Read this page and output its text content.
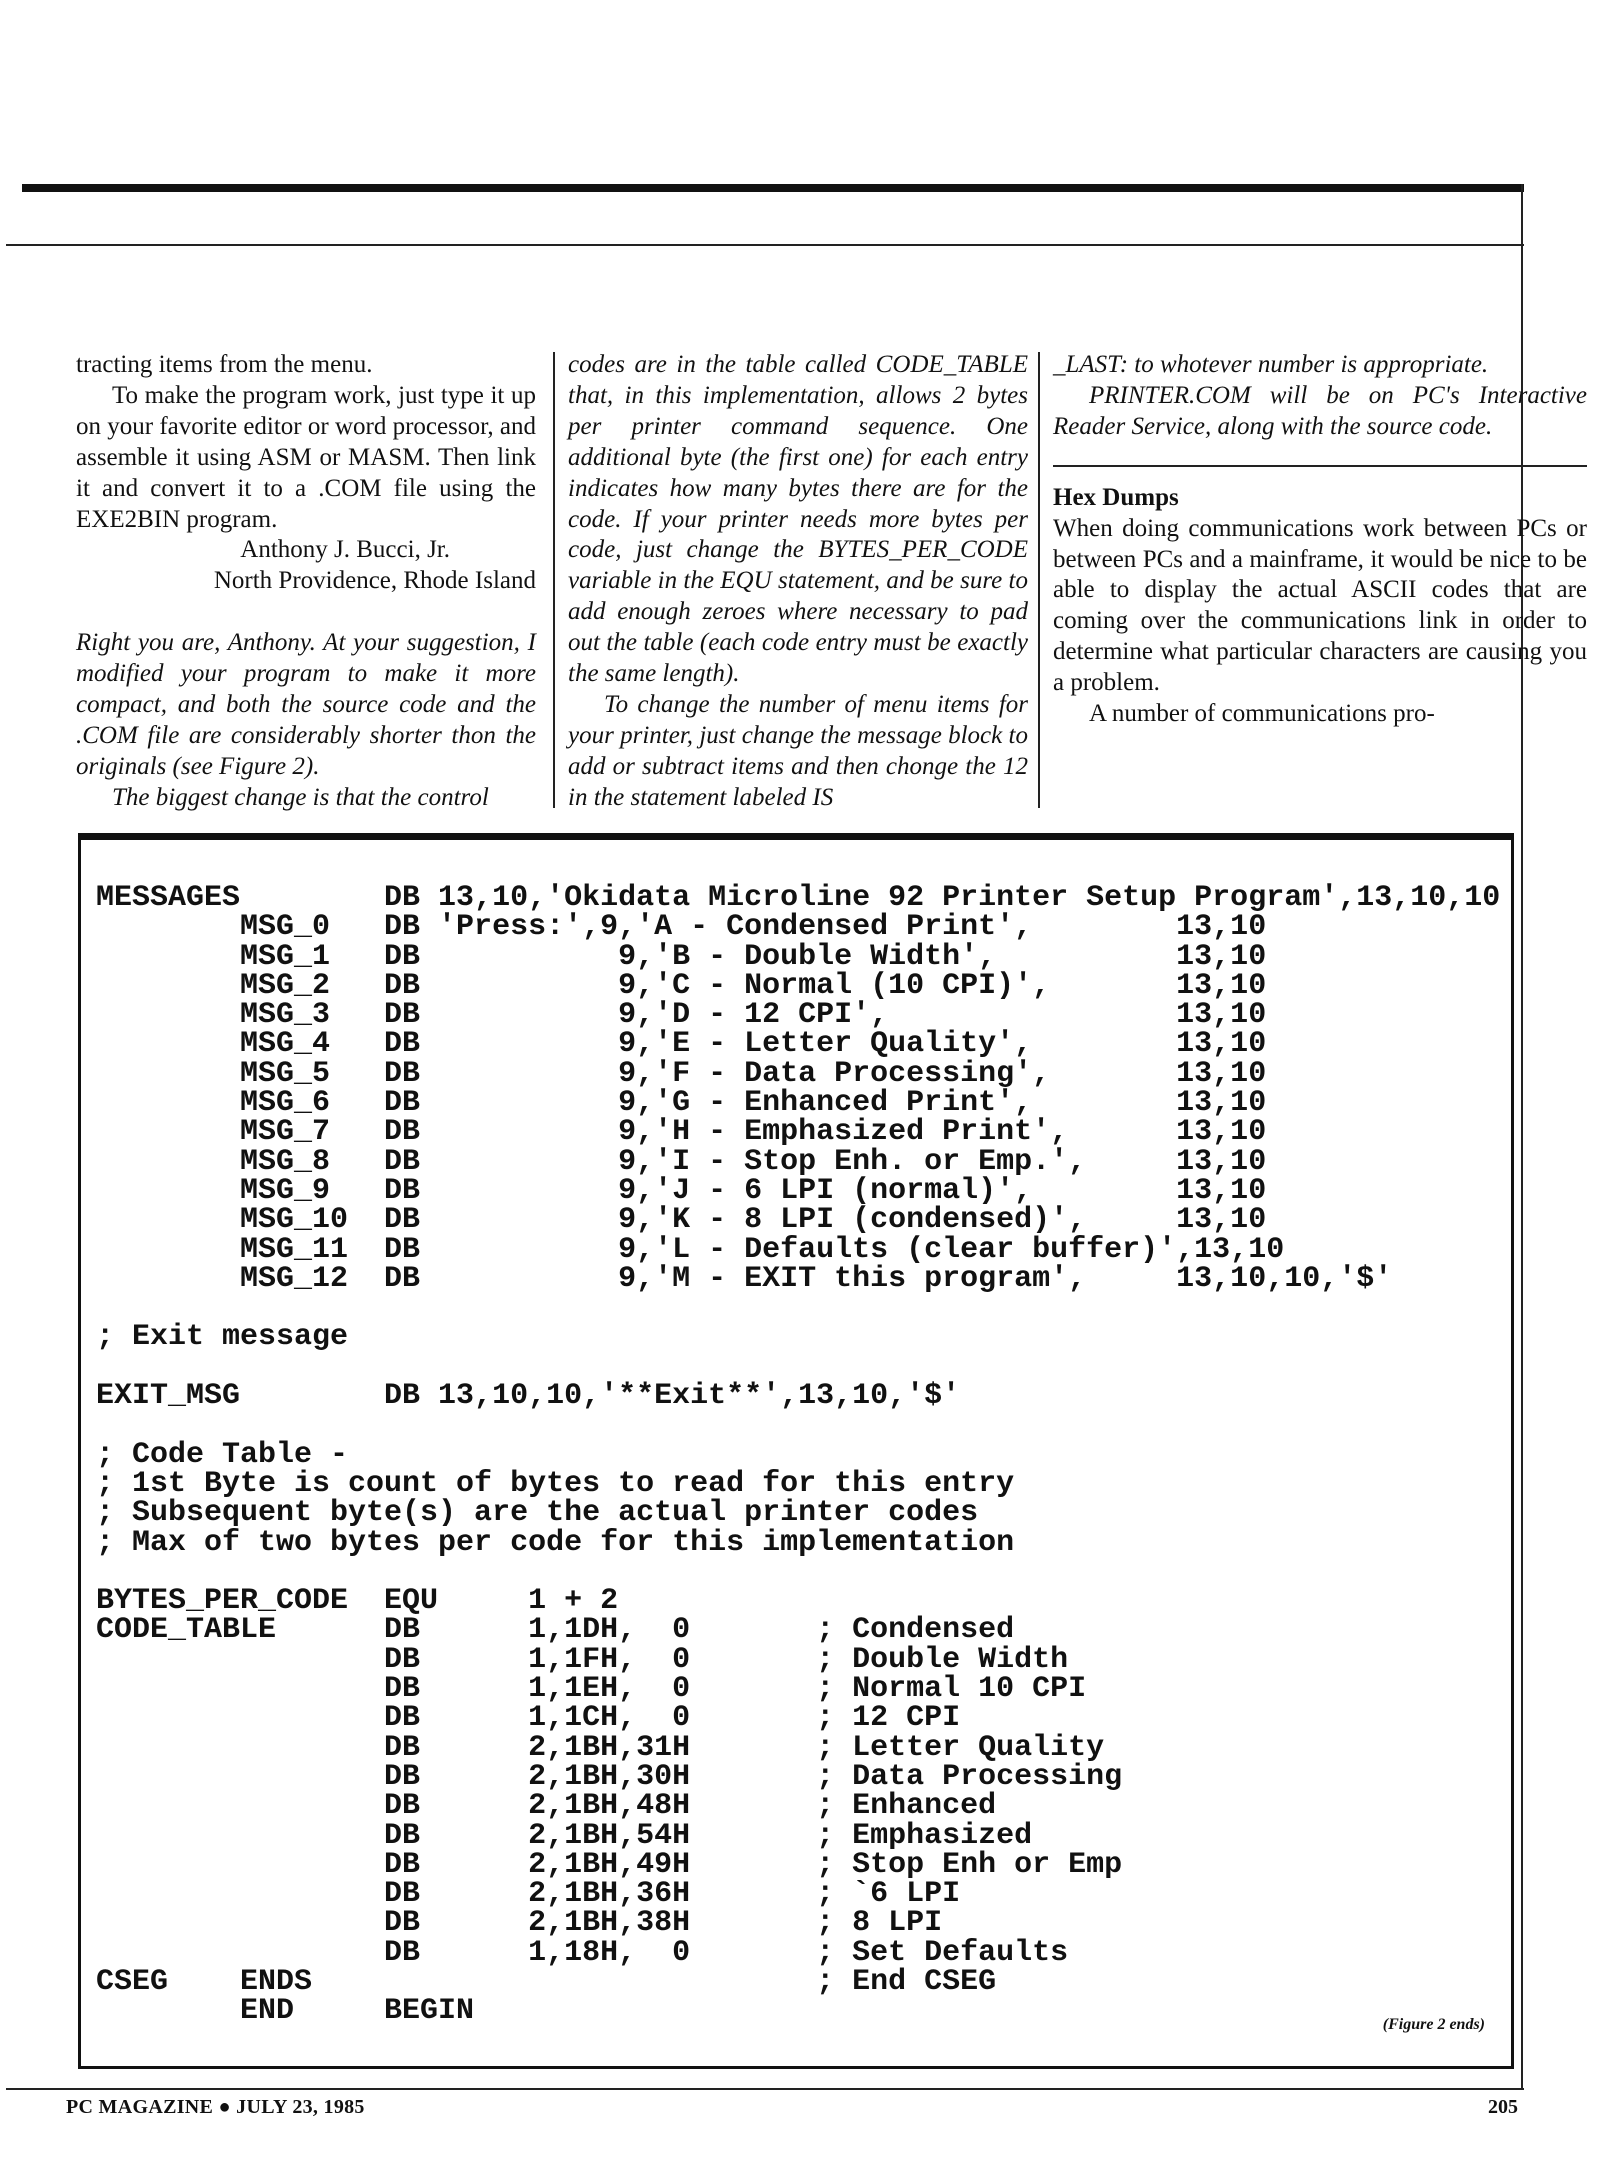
tracting items from the menu.

To make the program work, just type it up on your favorite editor or word processor, and assemble it using ASM or MASM. Then link it and convert it to a .COM file using the EXE2BIN program.

Anthony J. Bucci, Jr.

North Providence, Rhode Island

Right you are, Anthony. At your suggestion, I modified your program to make it more compact, and both the source code and the .COM file are considerably shorter thon the originals (see Figure 2).

The biggest change is that the control

codes are in the table called CODE_TABLE that, in this implementation, allows 2 bytes per printer command sequence. One additional byte (the first one) for each entry indicates how many bytes there are for the code. If your printer needs more bytes per code, just change the BYTES_PER_CODE variable in the EQU statement, and be sure to add enough zeroes where necessary to pad out the table (each code entry must be exactly the same length).

To change the number of menu items for your printer, just change the message block to add or subtract items and then chonge the 12 in the statement labeled IS

_LAST: to whotever number is appropriate.

PRINTER.COM will be on PC's Interactive Reader Service, along with the source code.

Hex Dumps

When doing communications work between PCs or between PCs and a mainframe, it would be nice to be able to display the actual ASCII codes that are coming over the communications link in order to determine what particular characters are causing you a problem.

A number of communications pro-

MESSAGES        DB 13,10,'Okidata Microline 92 Printer Setup Program',13,10,10
MSG_0   DB 'Press:',9,'A - Condensed Print',        13,10
MSG_1   DB           9,'B - Double Width',          13,10
MSG_2   DB           9,'C - Normal (10 CPI)',       13,10
MSG_3   DB           9,'D - 12 CPI',                13,10
MSG_4   DB           9,'E - Letter Quality',        13,10
MSG_5   DB           9,'F - Data Processing',       13,10
MSG_6   DB           9,'G - Enhanced Print',        13,10
MSG_7   DB           9,'H - Emphasized Print',      13,10
MSG_8   DB           9,'I - Stop Enh. or Emp.',     13,10
MSG_9   DB           9,'J - 6 LPI (normal)',        13,10
MSG_10  DB           9,'K - 8 LPI (condensed)',     13,10
MSG_11  DB           9,'L - Defaults (clear buffer)',13,10
MSG_12  DB           9,'M - EXIT this program',     13,10,10,'$'

; Exit message

EXIT_MSG        DB 13,10,10,'**Exit**',13,10,'$'

; Code Table -
; 1st Byte is count of bytes to read for this entry
; Subsequent byte(s) are the actual printer codes
; Max of two bytes per code for this implementation

BYTES_PER_CODE  EQU     1 + 2
CODE_TABLE      DB      1,1DH,  0       ; Condensed
DB      1,1FH,  0       ; Double Width
DB      1,1EH,  0       ; Normal 10 CPI
DB      1,1CH,  0       ; 12 CPI
DB      2,1BH,31H       ; Letter Quality
DB      2,1BH,30H       ; Data Processing
DB      2,1BH,48H       ; Enhanced
DB      2,1BH,54H       ; Emphasized
DB      2,1BH,49H       ; Stop Enh or Emp
DB      2,1BH,36H       ; `6 LPI
DB      2,1BH,38H       ; 8 LPI
DB      1,18H,  0       ; Set Defaults
CSEG    ENDS                            ; End CSEG
END     BEGIN	(Figure 2 ends)
PC MAGAZINE ● JULY 23, 1985	205
